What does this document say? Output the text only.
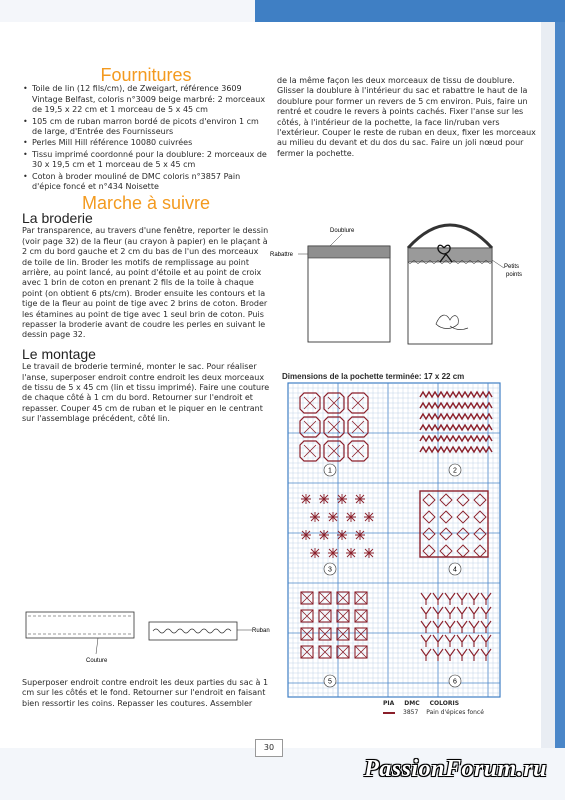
Fournitures
• Toile de lin (12 fils/cm), de Zweigart, référence 3609 Vintage Belfast, coloris n°3009 beige marbré: 2 morceaux de 19,5 x 22 cm et 1 morceau de 5 x 45 cm
• 105 cm de ruban marron bordé de picots d'environ 1 cm de large, d'Entrée des Fournisseurs
• Perles Mill Hill référence 10080 cuivrées
• Tissu imprimé coordonné pour la doublure: 2 morceaux de 30 x 19,5 cm et 1 morceau de 5 x 45 cm
• Coton à broder mouliné de DMC coloris n°3857 Pain d'épice foncé et n°434 Noisette
Marche à suivre
La broderie

Par transparence, au travers d'une fenêtre, reporter le dessin (voir page 32) de la fleur (au crayon à papier) en le plaçant à 2 cm du bord gauche et 2 cm du bas de l'un des morceaux de toile de lin. Broder les motifs de remplissage au point arrière, au point lancé, au point d'étoile et au point de croix avec 1 brin de coton en prenant 2 fils de la toile à chaque point (on obtient 6 pts/cm). Broder ensuite les contours et la tige de la fleur au point de tige avec 2 brins de coton. Broder les étamines au point de tige avec 1 seul brin de coton. Puis repasser la broderie avant de coudre les perles en suivant le dessin page 32.

Le montage

Le travail de broderie terminé, monter le sac. Pour réaliser l'anse, superposer endroit contre endroit les deux morceaux de tissu de 5 x 45 cm (lin et tissu imprimé). Faire une couture de chaque côté à 1 cm du bord. Retourner sur l'endroit et repasser. Couper 45 cm de ruban et le piquer en le centrant sur l'assemblage précédent, côté lin.

Couture
Ruban

Superposer endroit contre endroit les deux parties du sac à 1 cm sur les côtés et le fond. Retourner sur l'endroit en faisant bien ressortir les coins. Repasser les coutures. Assembler

de la même façon les deux morceaux de tissu de doublure. Glisser la doublure à l'intérieur du sac et rabattre le haut de la doublure pour former un revers de 5 cm environ. Puis, faire un rentré et coudre le revers à points cachés. Fixer l'anse sur les côtés, à l'intérieur de la pochette, la face lin/ruban vers l'extérieur. Couper le reste de ruban en deux, fixer les morceaux au milieu du devant et du dos du sac. Faire un joli nœud pour fermer la pochette.

Doublure
Rabattre
Petits
points
Dimensions de la pochette terminée: 17 x 22 cm
1	2
3	4
5	6
PIA DMC COLORIS
3857 Pain d'épices foncé
30
PassionForum.ru
